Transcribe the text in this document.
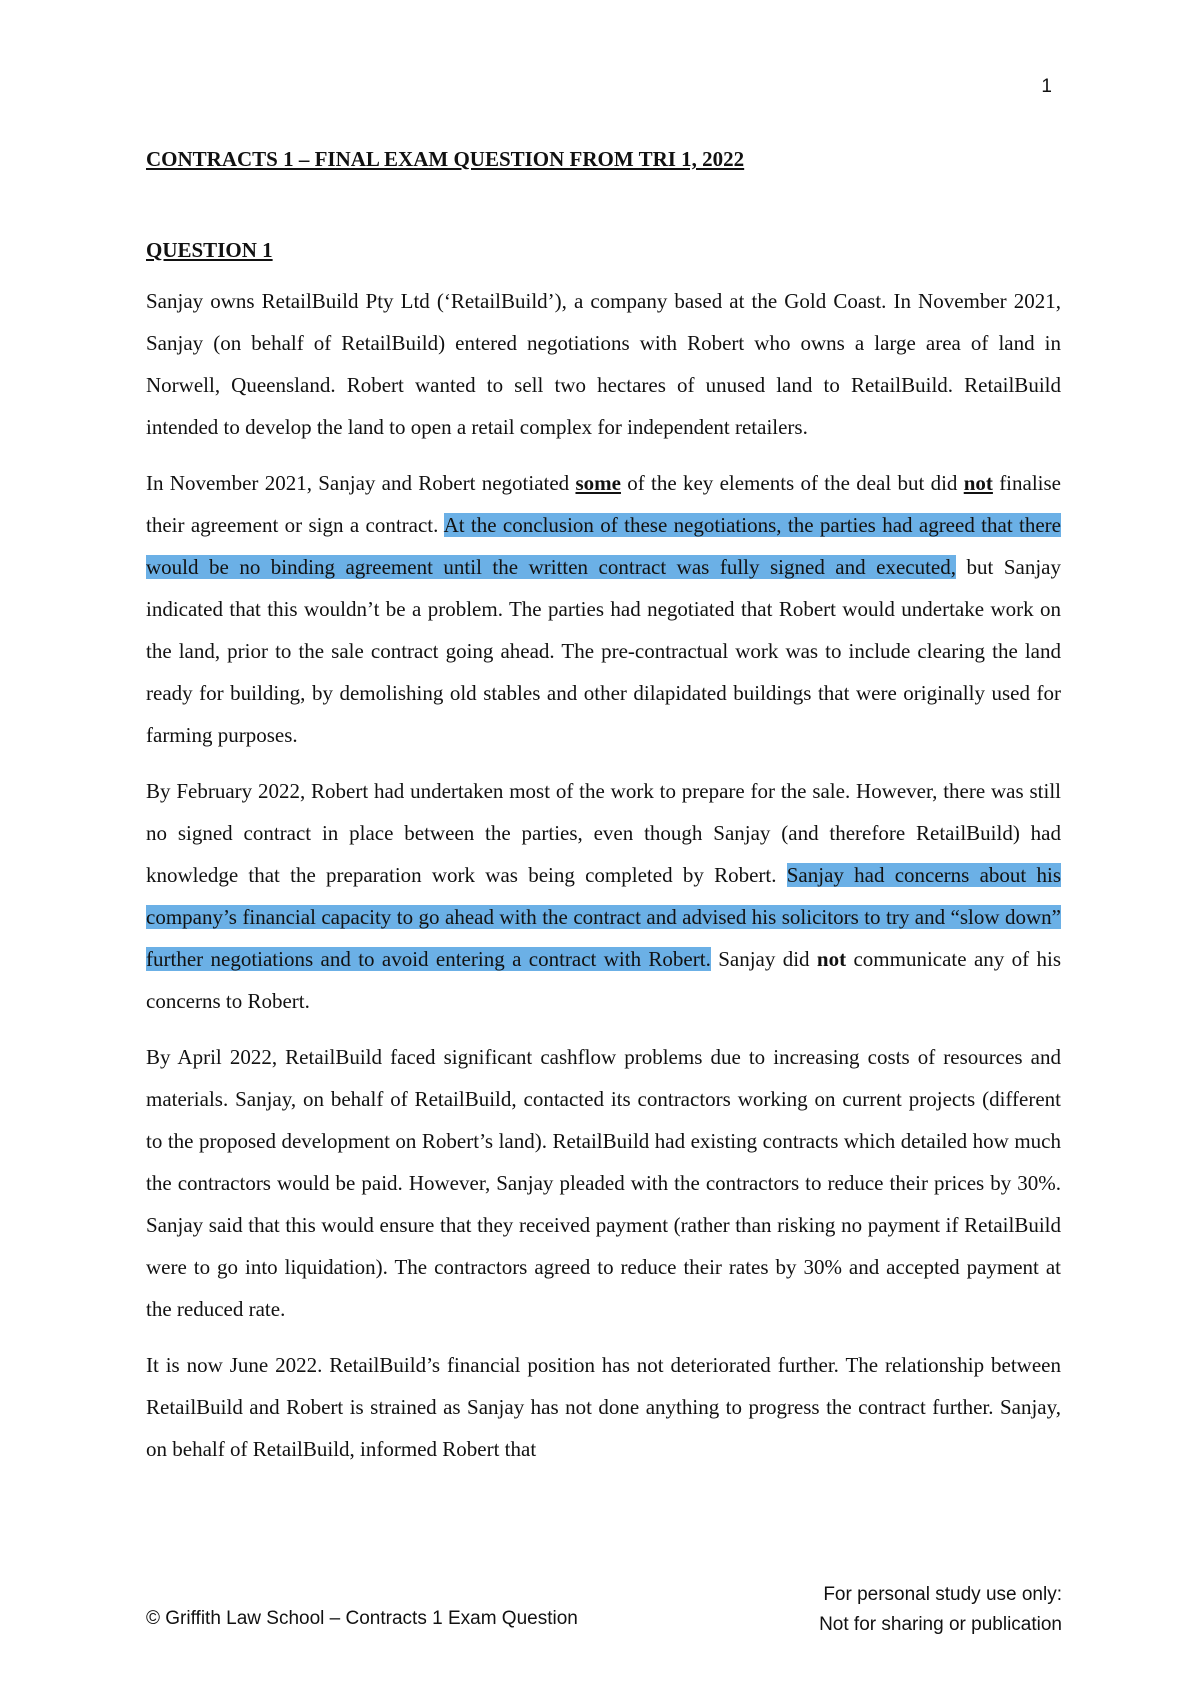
1
CONTRACTS 1 – FINAL EXAM QUESTION FROM TRI 1, 2022
QUESTION 1

Sanjay owns RetailBuild Pty Ltd (‘RetailBuild’), a company based at the Gold Coast. In November 2021, Sanjay (on behalf of RetailBuild) entered negotiations with Robert who owns a large area of land in Norwell, Queensland. Robert wanted to sell two hectares of unused land to RetailBuild. RetailBuild intended to develop the land to open a retail complex for independent retailers.

In November 2021, Sanjay and Robert negotiated some of the key elements of the deal but did not finalise their agreement or sign a contract. At the conclusion of these negotiations, the parties had agreed that there would be no binding agreement until the written contract was fully signed and executed, but Sanjay indicated that this wouldn’t be a problem. The parties had negotiated that Robert would undertake work on the land, prior to the sale contract going ahead. The pre-contractual work was to include clearing the land ready for building, by demolishing old stables and other dilapidated buildings that were originally used for farming purposes.

By February 2022, Robert had undertaken most of the work to prepare for the sale. However, there was still no signed contract in place between the parties, even though Sanjay (and therefore RetailBuild) had knowledge that the preparation work was being completed by Robert. Sanjay had concerns about his company’s financial capacity to go ahead with the contract and advised his solicitors to try and “slow down” further negotiations and to avoid entering a contract with Robert. Sanjay did not communicate any of his concerns to Robert.

By April 2022, RetailBuild faced significant cashflow problems due to increasing costs of resources and materials. Sanjay, on behalf of RetailBuild, contacted its contractors working on current projects (different to the proposed development on Robert’s land). RetailBuild had existing contracts which detailed how much the contractors would be paid. However, Sanjay pleaded with the contractors to reduce their prices by 30%. Sanjay said that this would ensure that they received payment (rather than risking no payment if RetailBuild were to go into liquidation). The contractors agreed to reduce their rates by 30% and accepted payment at the reduced rate.

It is now June 2022. RetailBuild’s financial position has not deteriorated further. The relationship between RetailBuild and Robert is strained as Sanjay has not done anything to progress the contract further. Sanjay, on behalf of RetailBuild, informed Robert that

© Griffith Law School – Contracts 1 Exam Question
For personal study use only:
Not for sharing or publication
